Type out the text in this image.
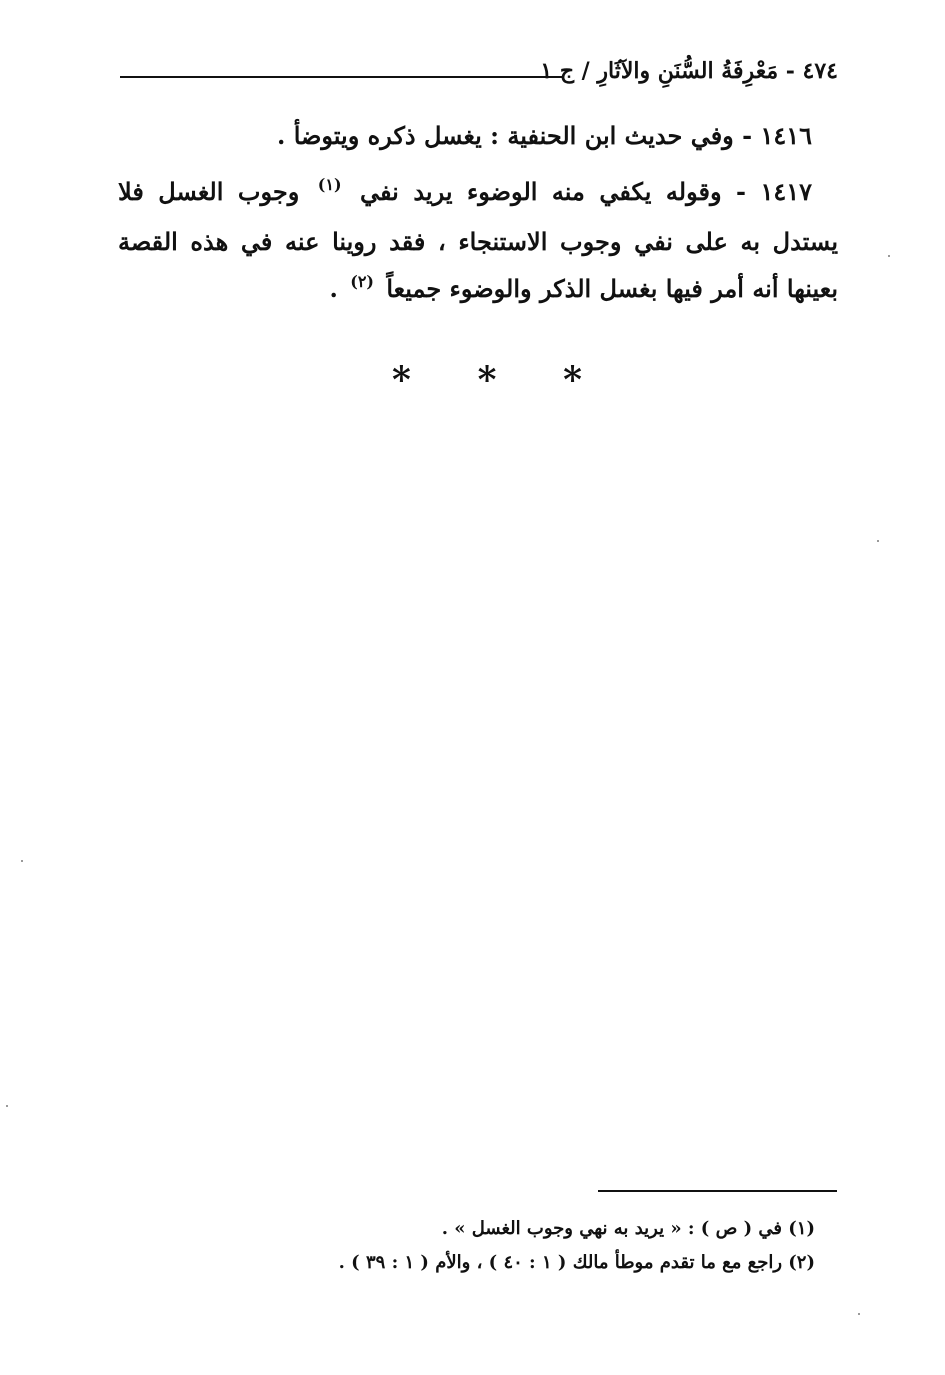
٤٧٤ - مَعْرِفَةُ السُّنَنِ والآثَارِ / ج ١

١٤١٦ - وفي حديث ابن الحنفية : يغسل ذكره ويتوضأ .

١٤١٧ - وقوله يكفي منه الوضوء يريد نفي $^{(١)}$ وجوب الغسل فلا يستدل به على نفي وجوب الاستنجاء ، فقد روينا عنه في هذه القصة بعينها أنه أمر فيها بغسل الذكر والوضوء جميعاً $^{(٢)}$ .

* * *

(١) في ( ص ) : « يريد به نهي وجوب الغسل » .

(٢) راجع مع ما تقدم موطأ مالك ( ١ : ٤٠ ) ، والأم ( ١ : ٣٩ ) .
